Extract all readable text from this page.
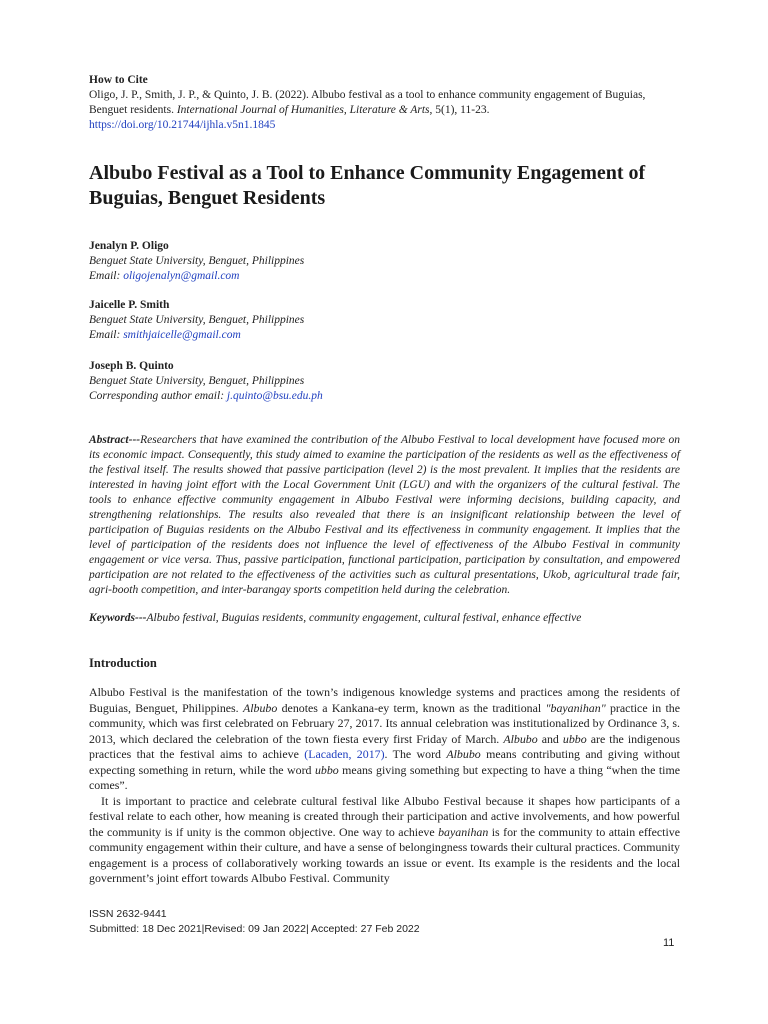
How to Cite
Oligo, J. P., Smith, J. P., & Quinto, J. B. (2022). Albubo festival as a tool to enhance community engagement of Buguias, Benguet residents. International Journal of Humanities, Literature & Arts, 5(1), 11-23.
https://doi.org/10.21744/ijhla.v5n1.1845
Albubo Festival as a Tool to Enhance Community Engagement of Buguias, Benguet Residents
Jenalyn P. Oligo
Benguet State University, Benguet, Philippines
Email: oligojenalyn@gmail.com
Jaicelle P. Smith
Benguet State University, Benguet, Philippines
Email: smithjaicelle@gmail.com
Joseph B. Quinto
Benguet State University, Benguet, Philippines
Corresponding author email: j.quinto@bsu.edu.ph
Abstract---Researchers that have examined the contribution of the Albubo Festival to local development have focused more on its economic impact. Consequently, this study aimed to examine the participation of the residents as well as the effectiveness of the festival itself. The results showed that passive participation (level 2) is the most prevalent. It implies that the residents are interested in having joint effort with the Local Government Unit (LGU) and with the organizers of the cultural festival. The tools to enhance effective community engagement in Albubo Festival were informing decisions, building capacity, and strengthening relationships. The results also revealed that there is an insignificant relationship between the level of participation of Buguias residents on the Albubo Festival and its effectiveness in community engagement. It implies that the level of participation of the residents does not influence the level of effectiveness of the Albubo Festival in community engagement or vice versa. Thus, passive participation, functional participation, participation by consultation, and empowered participation are not related to the effectiveness of the activities such as cultural presentations, Ukob, agricultural trade fair, agri-booth competition, and inter-barangay sports competition held during the celebration.
Keywords---Albubo festival, Buguias residents, community engagement, cultural festival, enhance effective
Introduction

Albubo Festival is the manifestation of the town’s indigenous knowledge systems and practices among the residents of Buguias, Benguet, Philippines. Albubo denotes a Kankana-ey term, known as the traditional "bayanihan" practice in the community, which was first celebrated on February 27, 2017. Its annual celebration was institutionalized by Ordinance 3, s. 2013, which declared the celebration of the town fiesta every first Friday of March. Albubo and ubbo are the indigenous practices that the festival aims to achieve (Lacaden, 2017). The word Albubo means contributing and giving without expecting something in return, while the word ubbo means giving something but expecting to have a thing “when the time comes”.

It is important to practice and celebrate cultural festival like Albubo Festival because it shapes how participants of a festival relate to each other, how meaning is created through their participation and active involvements, and how powerful the community is if unity is the common objective. One way to achieve bayanihan is for the community to attain effective community engagement within their culture, and have a sense of belongingness towards their cultural practices. Community engagement is a process of collaboratively working towards an issue or event. Its example is the residents and the local government’s joint effort towards Albubo Festival. Community

ISSN 2632-9441
Submitted: 18 Dec 2021|Revised: 09 Jan 2022| Accepted: 27 Feb 2022
11
